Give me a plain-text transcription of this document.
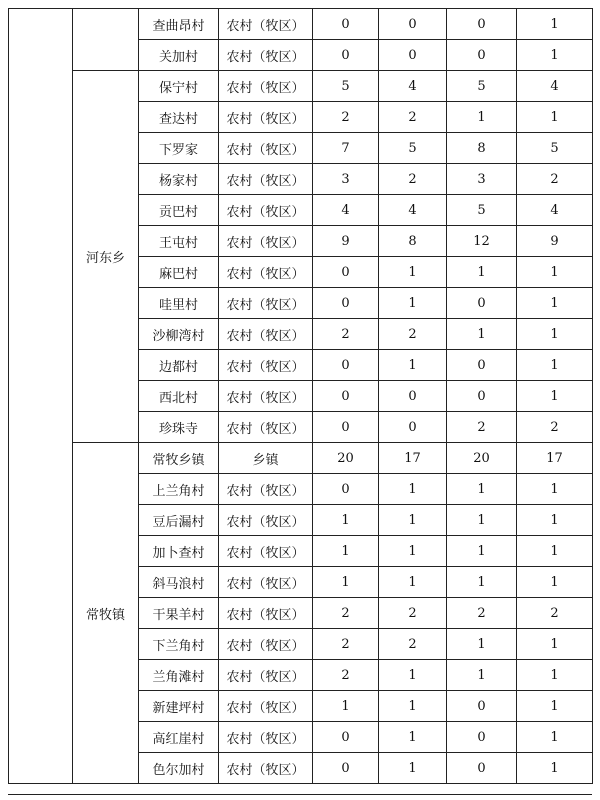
		查曲昂村	农村（牧区）	0	0	0	1
		关加村	农村（牧区）	0	0	0	1
	河东乡	保宁村	农村（牧区）	5	4	5	4
		查达村	农村（牧区）	2	2	1	1
		下罗家	农村（牧区）	7	5	8	5
		杨家村	农村（牧区）	3	2	3	2
		贡巴村	农村（牧区）	4	4	5	4
		王屯村	农村（牧区）	9	8	12	9
		麻巴村	农村（牧区）	0	1	1	1
		哇里村	农村（牧区）	0	1	0	1
		沙柳湾村	农村（牧区）	2	2	1	1
		边都村	农村（牧区）	0	1	0	1
		西北村	农村（牧区）	0	0	0	1
		珍珠寺	农村（牧区）	0	0	2	2
	常牧镇	常牧乡镇	乡镇	20	17	20	17
		上兰角村	农村（牧区）	0	1	1	1
		豆后漏村	农村（牧区）	1	1	1	1
		加卜查村	农村（牧区）	1	1	1	1
		斜马浪村	农村（牧区）	1	1	1	1
		干果羊村	农村（牧区）	2	2	2	2
		下兰角村	农村（牧区）	2	2	1	1
		兰角滩村	农村（牧区）	2	1	1	1
		新建坪村	农村（牧区）	1	1	0	1
		高红崖村	农村（牧区）	0	1	0	1
		色尔加村	农村（牧区）	0	1	0	1
